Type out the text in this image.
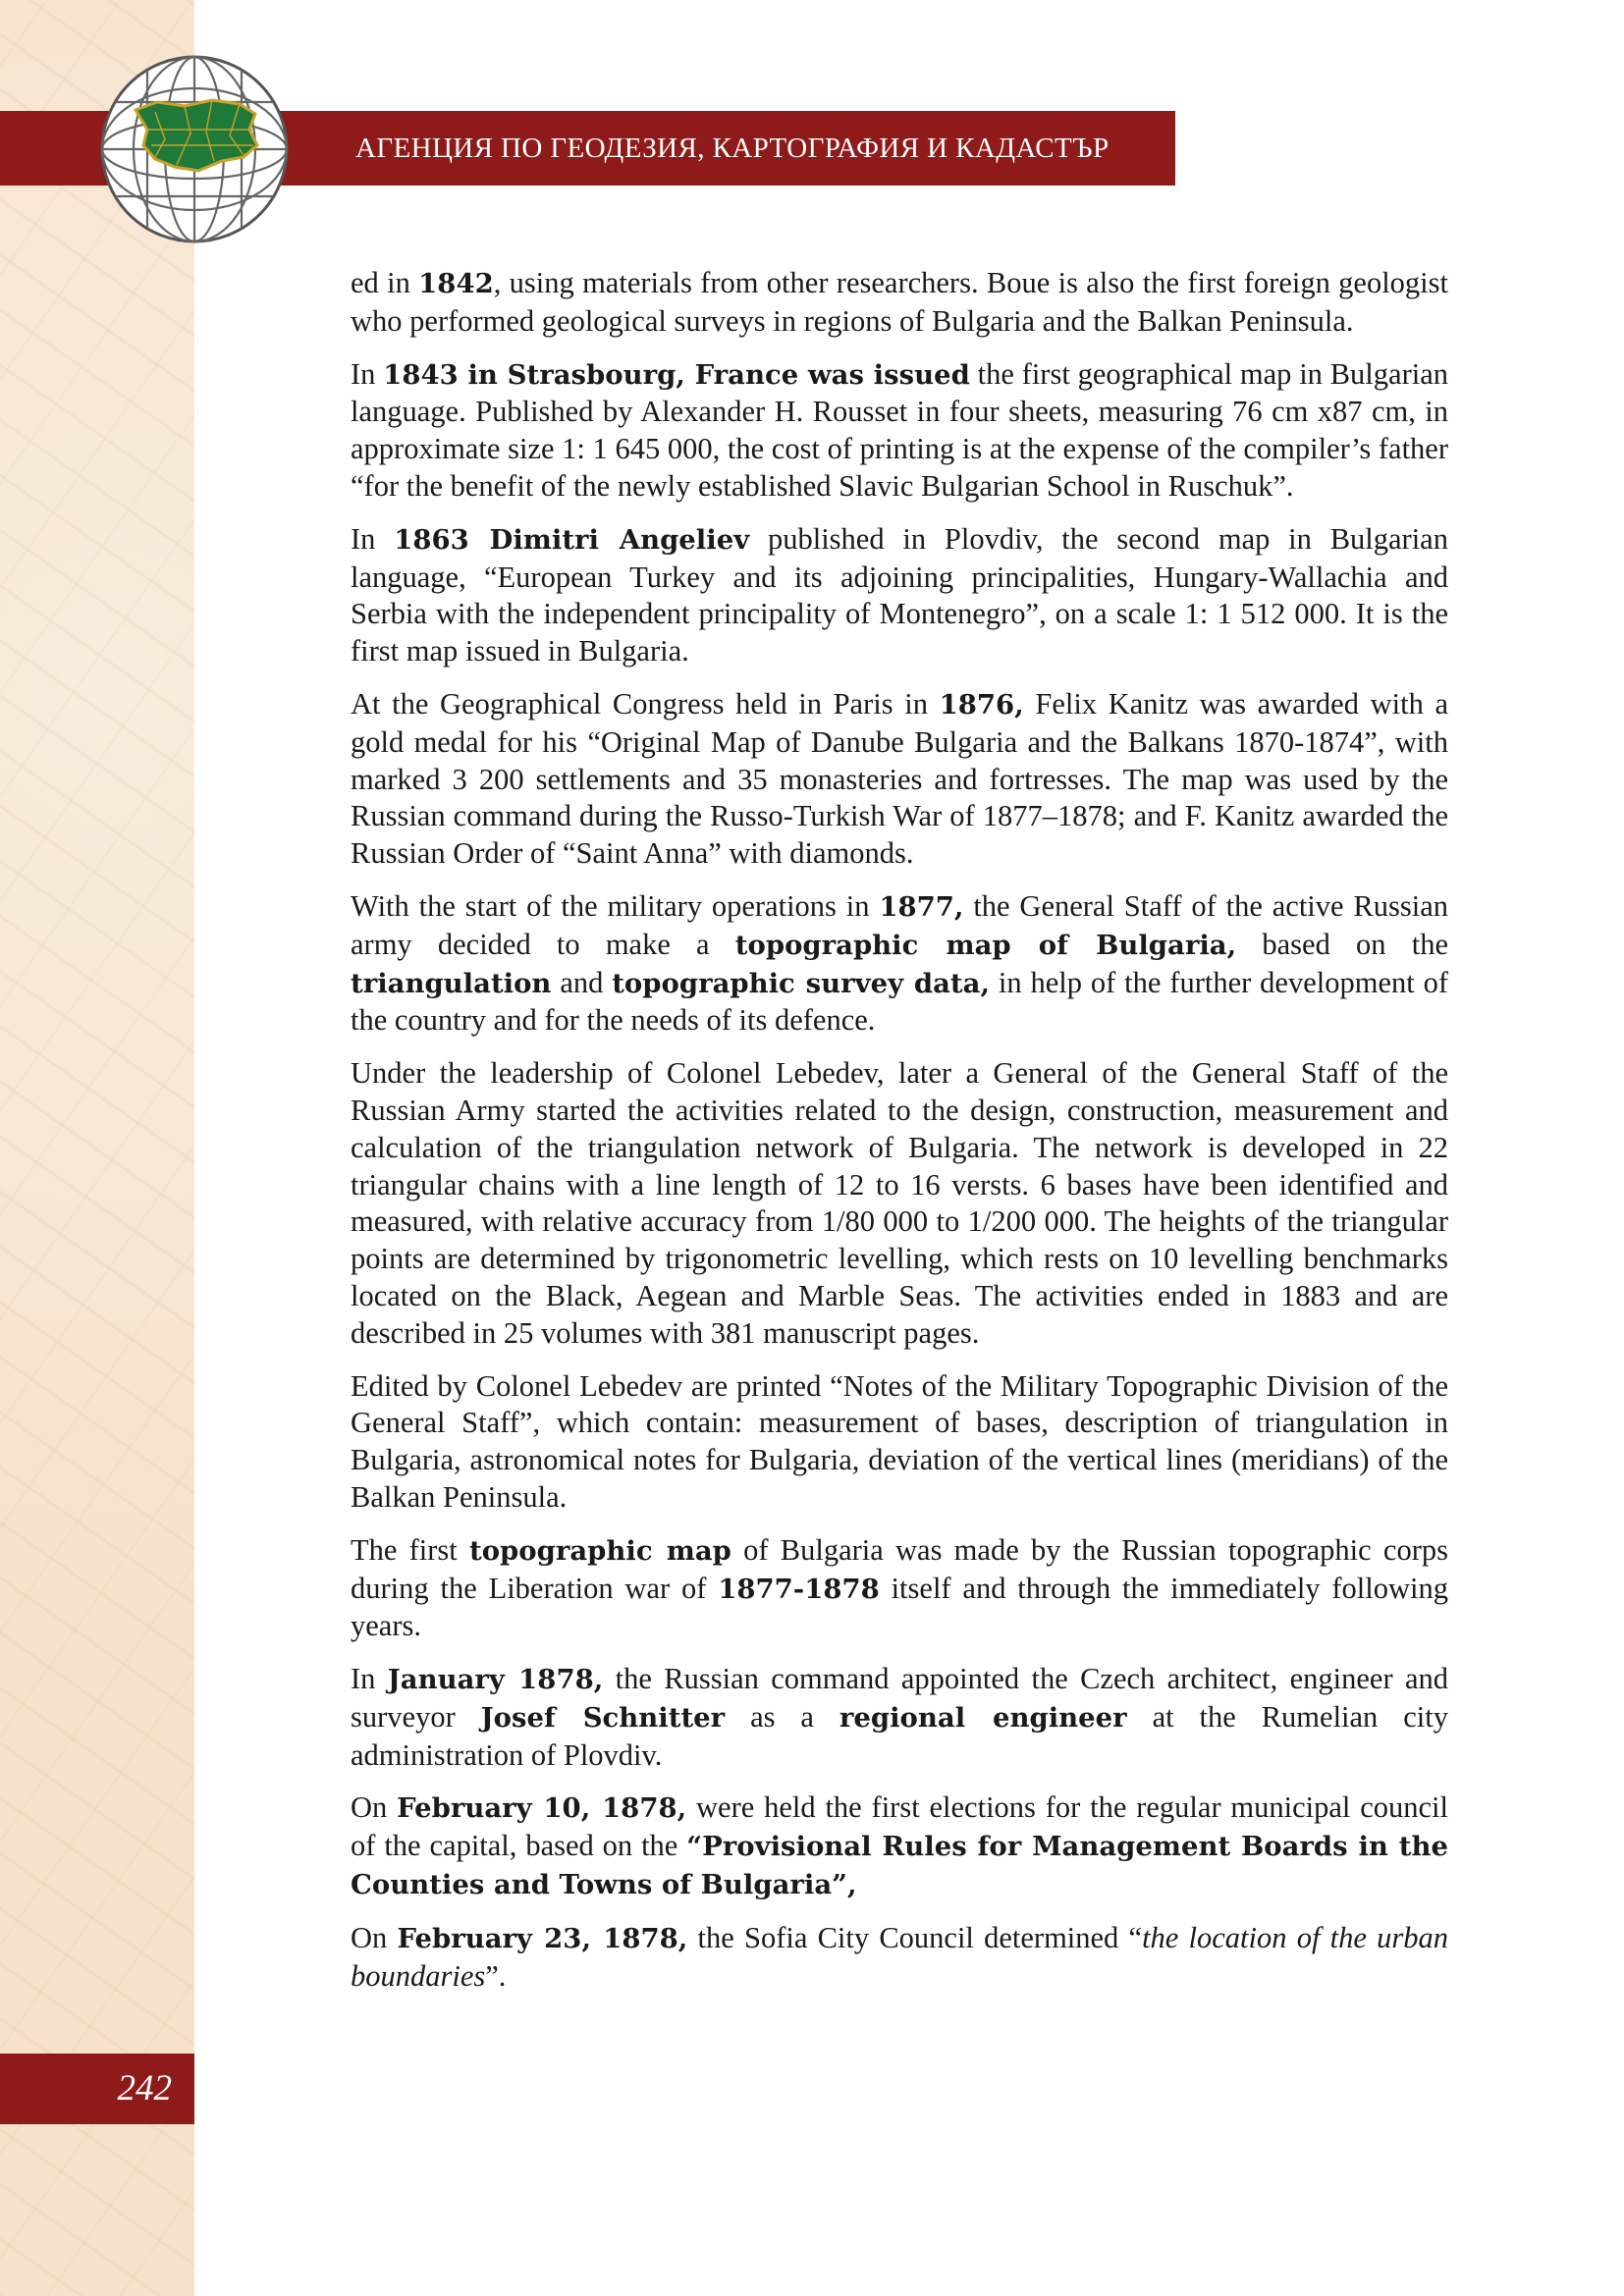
АГЕНЦИЯ ПО ГЕОДЕЗИЯ, КАРТОГРАФИЯ И КАДАСТЪР
242

ed in 1842, using materials from other researchers. Boue is also the first foreign geologist who performed geological surveys in regions of Bulgaria and the Balkan Peninsula.

In 1843 in Strasbourg, France was issued the first geographical map in Bulgarian language. Published by Alexander H. Rousset in four sheets, measuring 76 cm x87 cm, in approximate size 1: 1 645 000, the cost of printing is at the expense of the compiler’s father “for the benefit of the newly established Slavic Bulgarian School in Ruschuk”.

In 1863 Dimitri Angeliev published in Plovdiv, the second map in Bulgarian language, “European Turkey and its adjoining principalities, Hungary-Wallachia and Serbia with the independent principality of Montenegro”, on a scale 1: 1 512 000. It is the first map issued in Bulgaria.

At the Geographical Congress held in Paris in 1876, Felix Kanitz was awarded with a gold medal for his “Original Map of Danube Bulgaria and the Balkans 1870-1874”, with marked 3 200 settlements and 35 monasteries and fortresses. The map was used by the Russian command during the Russo-Turkish War of 1877–1878; and F. Kanitz awarded the Russian Order of “Saint Anna” with diamonds.

With the start of the military operations in 1877, the General Staff of the active Russian army decided to make a topographic map of Bulgaria, based on the triangulation and topographic survey data, in help of the further development of the country and for the needs of its defence.

Under the leadership of Colonel Lebedev, later a General of the General Staff of the Russian Army started the activities related to the design, construction, measurement and calculation of the triangulation network of Bulgaria. The network is developed in 22 triangular chains with a line length of 12 to 16 versts. 6 bases have been identified and measured, with relative accuracy from 1/80 000 to 1/200 000. The heights of the triangular points are determined by trigonometric levelling, which rests on 10 levelling benchmarks located on the Black, Aegean and Marble Seas. The activities ended in 1883 and are described in 25 volumes with 381 manuscript pages.

Edited by Colonel Lebedev are printed “Notes of the Military Topographic Division of the General Staff”, which contain: measurement of bases, description of triangulation in Bulgaria, astronomical notes for Bulgaria, deviation of the vertical lines (meridians) of the Balkan Peninsula.

The first topographic map of Bulgaria was made by the Russian topographic corps during the Liberation war of 1877-1878 itself and through the immediately following years.

In January 1878, the Russian command appointed the Czech architect, engineer and surveyor Josef Schnitter as a regional engineer at the Rumelian city administration of Plovdiv.

On February 10, 1878, were held the first elections for the regular municipal council of the capital, based on the “Provisional Rules for Management Boards in the Counties and Towns of Bulgaria”,

On February 23, 1878, the Sofia City Council determined “the location of the urban boundaries”.
